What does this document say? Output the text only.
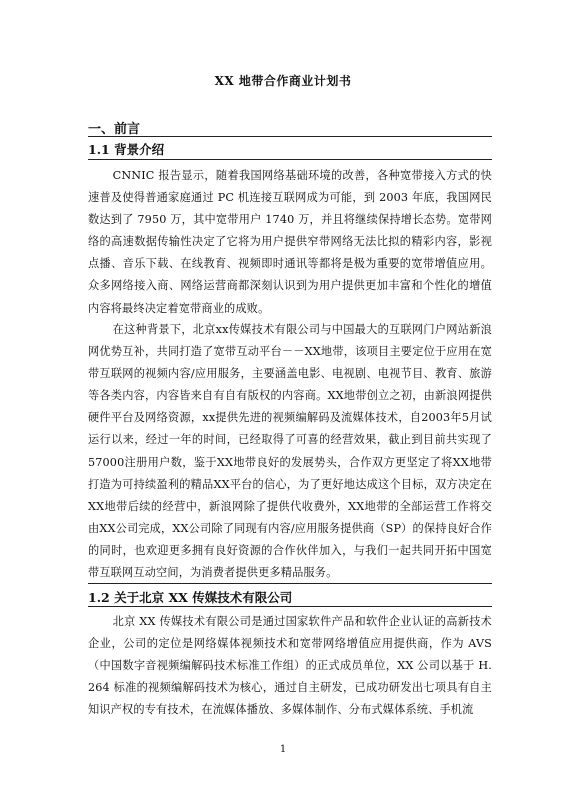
XX 地带合作商业计划书
一、前言
1.1 背景介绍

CNNIC 报告显示，随着我国网络基础环境的改善，各种宽带接入方式的快速普及使得普通家庭通过 PC 机连接互联网成为可能，到 2003 年底，我国网民数达到了 7950 万，其中宽带用户 1740 万，并且将继续保持增长态势。宽带网络的高速数据传输性决定了它将为用户提供窄带网络无法比拟的精彩内容，影视点播、音乐下载、在线教育、视频即时通讯等都将是极为重要的宽带增值应用。众多网络接入商、网络运营商都深刻认识到为用户提供更加丰富和个性化的增值内容将最终决定着宽带商业的成败。

在这种背景下，北京xx传媒技术有限公司与中国最大的互联网门户网站新浪网优势互补，共同打造了宽带互动平台－－XX地带，该项目主要定位于应用在宽带互联网的视频内容/应用服务，主要涵盖电影、电视剧、电视节目、教育、旅游等各类内容，内容皆来自有自有版权的内容商。XX地带创立之初，由新浪网提供硬件平台及网络资源，xx提供先进的视频编解码及流媒体技术，自2003年5月试运行以来，经过一年的时间，已经取得了可喜的经营效果，截止到目前共实现了57000注册用户数，鉴于XX地带良好的发展势头，合作双方更坚定了将XX地带打造为可持续盈利的精品XX平台的信心，为了更好地达成这个目标，双方决定在XX地带后续的经营中，新浪网除了提供代收费外，XX地带的全部运营工作将交由XX公司完成，XX公司除了同现有内容/应用服务提供商（SP）的保持良好合作的同时，也欢迎更多拥有良好资源的合作伙伴加入，与我们一起共同开拓中国宽带互联网互动空间，为消费者提供更多精品服务。

1.2 关于北京 XX 传媒技术有限公司

北京 XX 传媒技术有限公司是通过国家软件产品和软件企业认证的高新技术企业，公司的定位是网络媒体视频技术和宽带网络增值应用提供商，作为 AVS（中国数字音视频编解码技术标准工作组）的正式成员单位，XX 公司以基于 H.264 标准的视频编解码技术为核心，通过自主研发，已成功研发出七项具有自主知识产权的专有技术，在流媒体播放、多媒体制作、分布式媒体系统、手机流

1
